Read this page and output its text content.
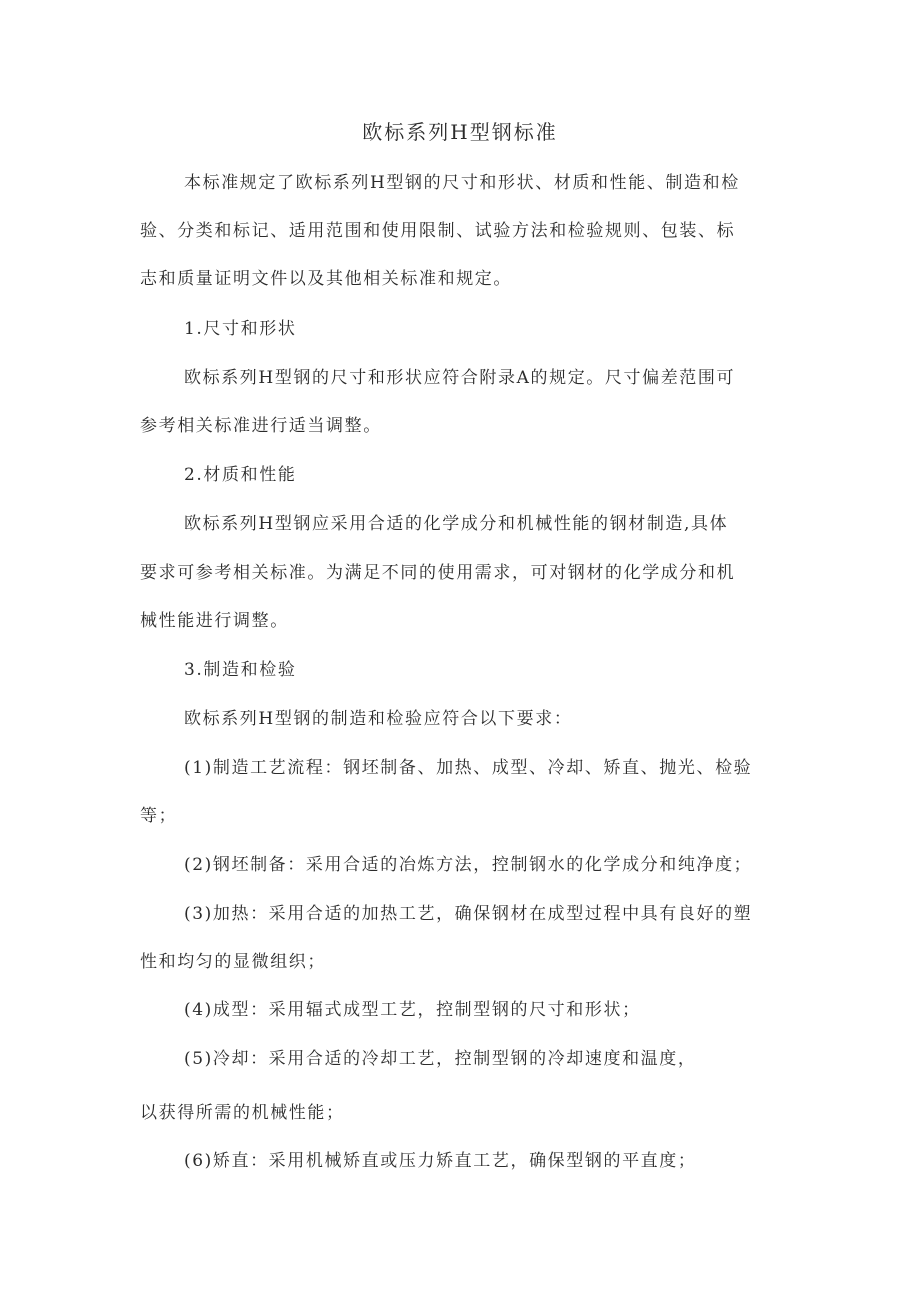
欧标系列H型钢标准
本标准规定了欧标系列H型钢的尺寸和形状、材质和性能、制造和检
验、分类和标记、适用范围和使用限制、试验方法和检验规则、包装、标
志和质量证明文件以及其他相关标准和规定。
1.尺寸和形状
欧标系列H型钢的尺寸和形状应符合附录A的规定。尺寸偏差范围可
参考相关标准进行适当调整。
2.材质和性能
欧标系列H型钢应采用合适的化学成分和机械性能的钢材制造,具体
要求可参考相关标准。为满足不同的使用需求，可对钢材的化学成分和机
械性能进行调整。
3.制造和检验
欧标系列H型钢的制造和检验应符合以下要求：
(1)制造工艺流程：钢坯制备、加热、成型、冷却、矫直、抛光、检验
等；
(2)钢坯制备：采用合适的冶炼方法，控制钢水的化学成分和纯净度；
(3)加热：采用合适的加热工艺，确保钢材在成型过程中具有良好的塑
性和均匀的显微组织；
(4)成型：采用辐式成型工艺，控制型钢的尺寸和形状；
(5)冷却：采用合适的冷却工艺，控制型钢的冷却速度和温度，
以获得所需的机械性能；
(6)矫直：采用机械矫直或压力矫直工艺，确保型钢的平直度；
